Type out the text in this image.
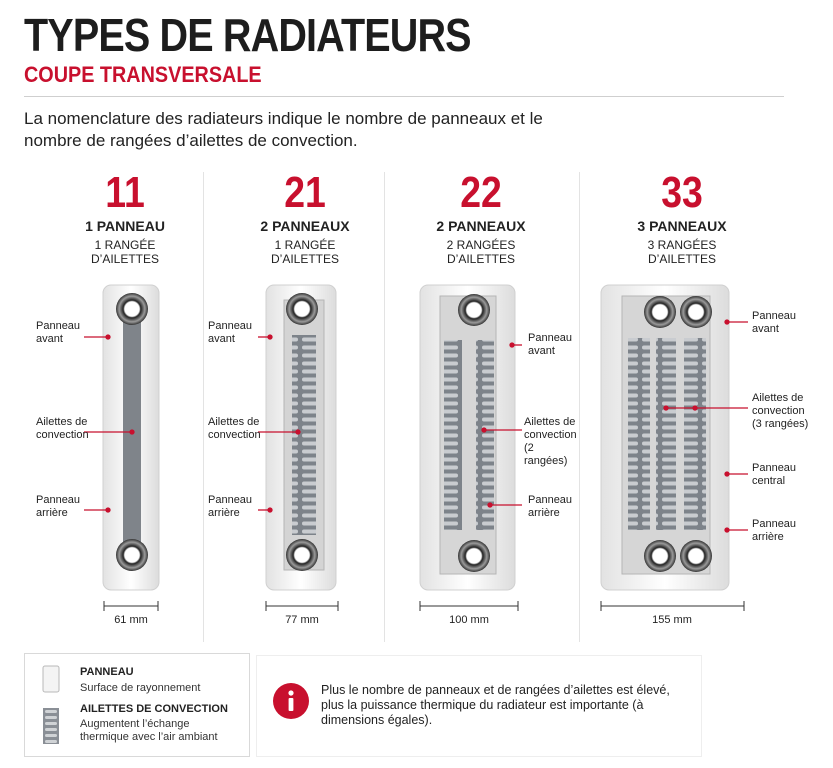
TYPES DE RADIATEURS
COUPE TRANSVERSALE
La nomenclature des radiateurs indique le nombre de panneaux et le nombre de rangées d’ailettes de convection.
11
1 PANNEAU
1 RANGÉE D’AILETTES
21
2 PANNEAUX
1 RANGÉE D’AILETTES
22
2 PANNEAUX
2 RANGÉES D’AILETTES
33
3 PANNEAUX
3 RANGÉES D’AILETTES
Panneau avant
Ailettes de convection
Panneau arrière
Panneau avant
Ailettes de convection
Panneau arrière
Panneau avant
Ailettes de convection (2 rangées)
Panneau arrière
Panneau avant
Ailettes de convection (3 rangées)
Panneau central
Panneau arrière
61 mm	77 mm	100 mm	155 mm
PANNEAU
Surface de rayonnement
AILETTES DE CONVECTION
Augmentent l’échange thermique avec l’air ambiant
Plus le nombre de panneaux et de rangées d’ailettes est élevé, plus la puissance thermique du radiateur est importante (à dimensions égales).
